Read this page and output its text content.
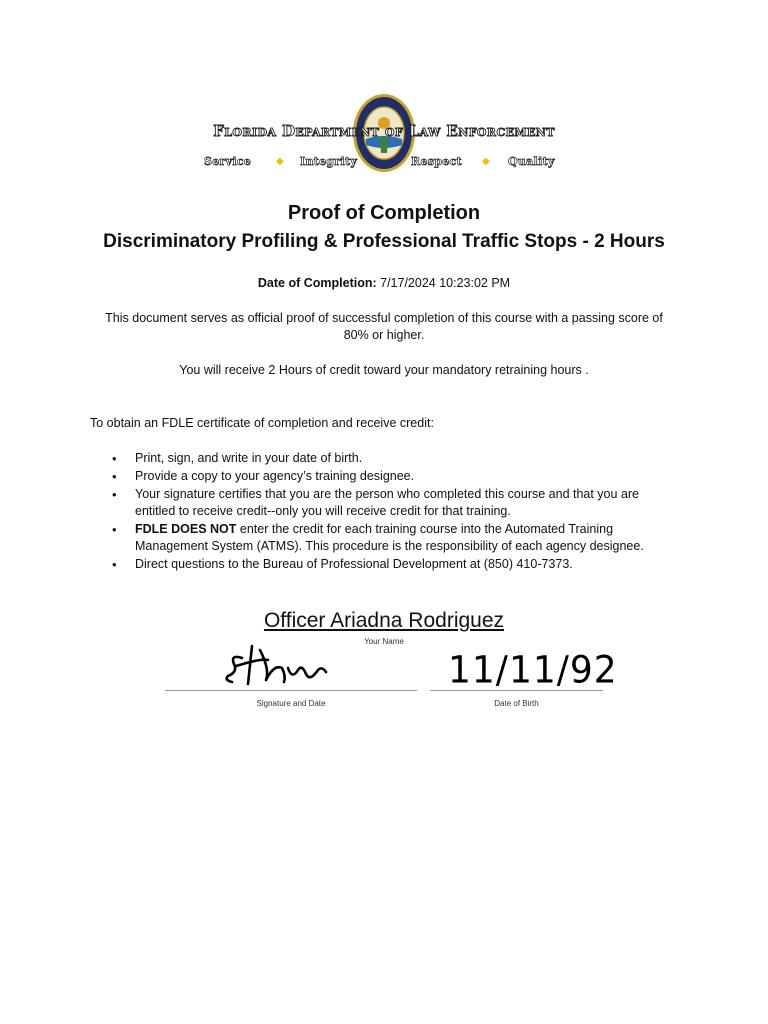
Florida Department of Law Enforcement
Service ◆ Integrity	Respect ◆ Quality
Proof of Completion
Discriminatory Profiling & Professional Traffic Stops - 2 Hours
Date of Completion: 7/17/2024 10:23:02 PM
This document serves as official proof of successful completion of this course with a passing score of 80% or higher.
You will receive 2 Hours of credit toward your mandatory retraining hours .
To obtain an FDLE certificate of completion and receive credit:
• Print, sign, and write in your date of birth.
• Provide a copy to your agency’s training designee.
• Your signature certifies that you are the person who completed this course and that you are entitled to receive credit--only you will receive credit for that training.
• FDLE DOES NOT enter the credit for each training course into the Automated Training Management System (ATMS). This procedure is the responsibility of each agency designee.
• Direct questions to the Bureau of Professional Development at (850) 410-7373.
Officer Ariadna Rodriguez
Your Name
11/11/92
Signature and Date	Date of Birth
